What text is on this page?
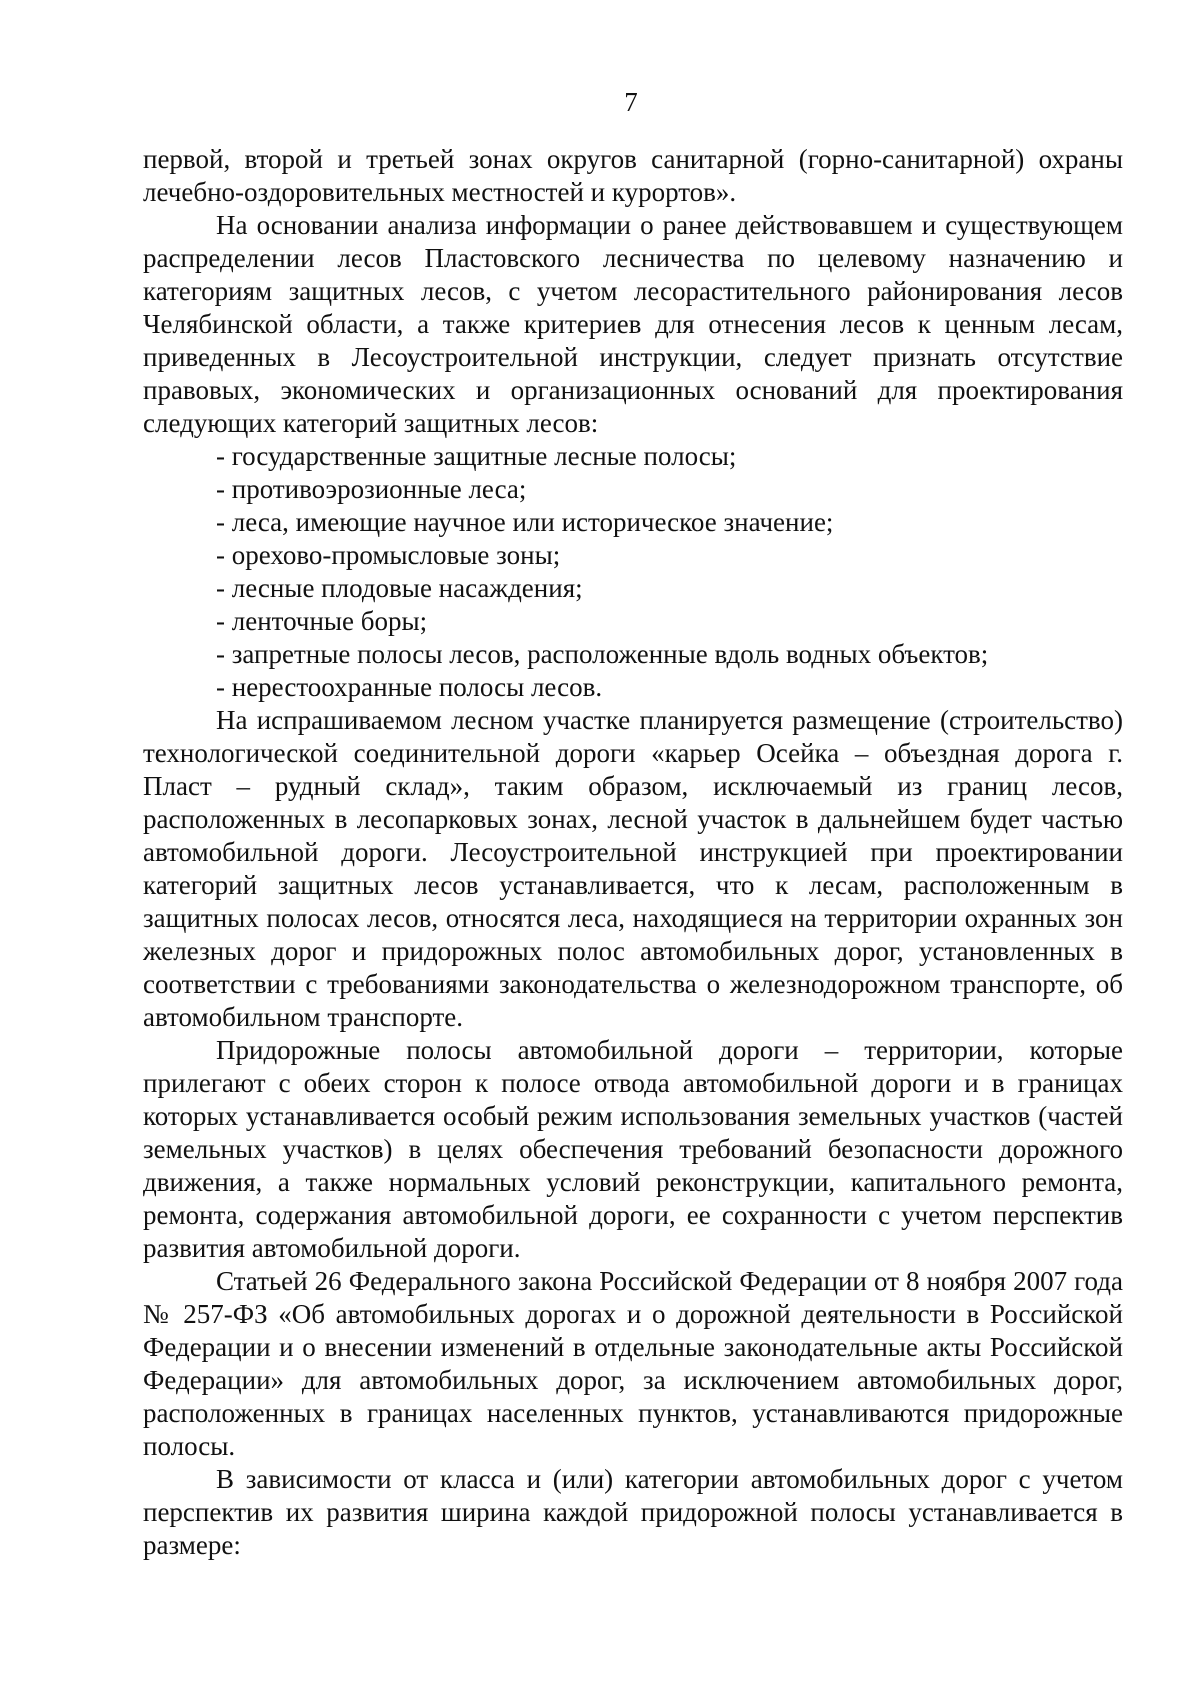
7

первой, второй и третьей зонах округов санитарной (горно-санитарной) охраны лечебно-оздоровительных местностей и курортов».

На основании анализа информации о ранее действовавшем и существующем распределении лесов Пластовского лесничества по целевому назначению и категориям защитных лесов, с учетом лесорастительного районирования лесов Челябинской области, а также критериев для отнесения лесов к ценным лесам, приведенных в Лесоустроительной инструкции, следует признать отсутствие правовых, экономических и организационных оснований для проектирования следующих категорий защитных лесов:

- государственные защитные лесные полосы;
- противоэрозионные леса;
- леса, имеющие научное или историческое значение;
- орехово-промысловые зоны;
- лесные плодовые насаждения;
- ленточные боры;
- запретные полосы лесов, расположенные вдоль водных объектов;
- нерестоохранные полосы лесов.

На испрашиваемом лесном участке планируется размещение (строительство) технологической соединительной дороги «карьер Осейка – объездная дорога г. Пласт – рудный склад», таким образом, исключаемый из границ лесов, расположенных в лесопарковых зонах, лесной участок в дальнейшем будет частью автомобильной дороги. Лесоустроительной инструкцией при проектировании категорий защитных лесов устанавливается, что к лесам, расположенным в защитных полосах лесов, относятся леса, находящиеся на территории охранных зон железных дорог и придорожных полос автомобильных дорог, установленных в соответствии с требованиями законодательства о железнодорожном транспорте, об автомобильном транспорте.

Придорожные полосы автомобильной дороги – территории, которые прилегают с обеих сторон к полосе отвода автомобильной дороги и в границах которых устанавливается особый режим использования земельных участков (частей земельных участков) в целях обеспечения требований безопасности дорожного движения, а также нормальных условий реконструкции, капитального ремонта, ремонта, содержания автомобильной дороги, ее сохранности с учетом перспектив развития автомобильной дороги.

Статьей 26 Федерального закона Российской Федерации от 8 ноября 2007 года № 257-ФЗ «Об автомобильных дорогах и о дорожной деятельности в Российской Федерации и о внесении изменений в отдельные законодательные акты Российской Федерации» для автомобильных дорог, за исключением автомобильных дорог, расположенных в границах населенных пунктов, устанавливаются придорожные полосы.

В зависимости от класса и (или) категории автомобильных дорог с учетом перспектив их развития ширина каждой придорожной полосы устанавливается в размере:
